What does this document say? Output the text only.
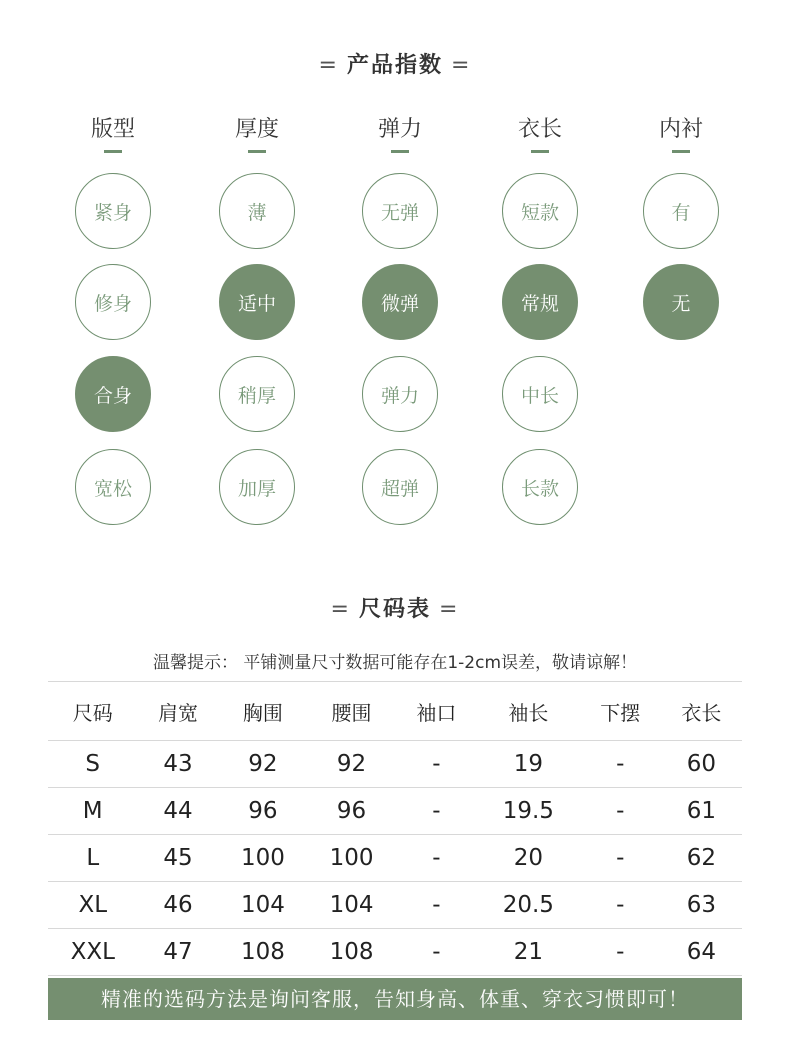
= 产品指数 =
版型
紧身
修身
合身
宽松
厚度
薄
适中
稍厚
加厚
弹力
无弹
微弹
弹力
超弹
衣长
短款
常规
中长
长款
内衬
有
无
= 尺码表 =
温馨提示： 平铺测量尺寸数据可能存在1-2cm误差，敬请谅解！
尺码	肩宽	胸围	腰围	袖口	袖长	下摆	衣长
S	43	92	92	-	19	-	60
M	44	96	96	-	19.5	-	61
L	45	100	100	-	20	-	62
XL	46	104	104	-	20.5	-	63
XXL	47	108	108	-	21	-	64
精准的选码方法是询问客服，告知身高、体重、穿衣习惯即可！
